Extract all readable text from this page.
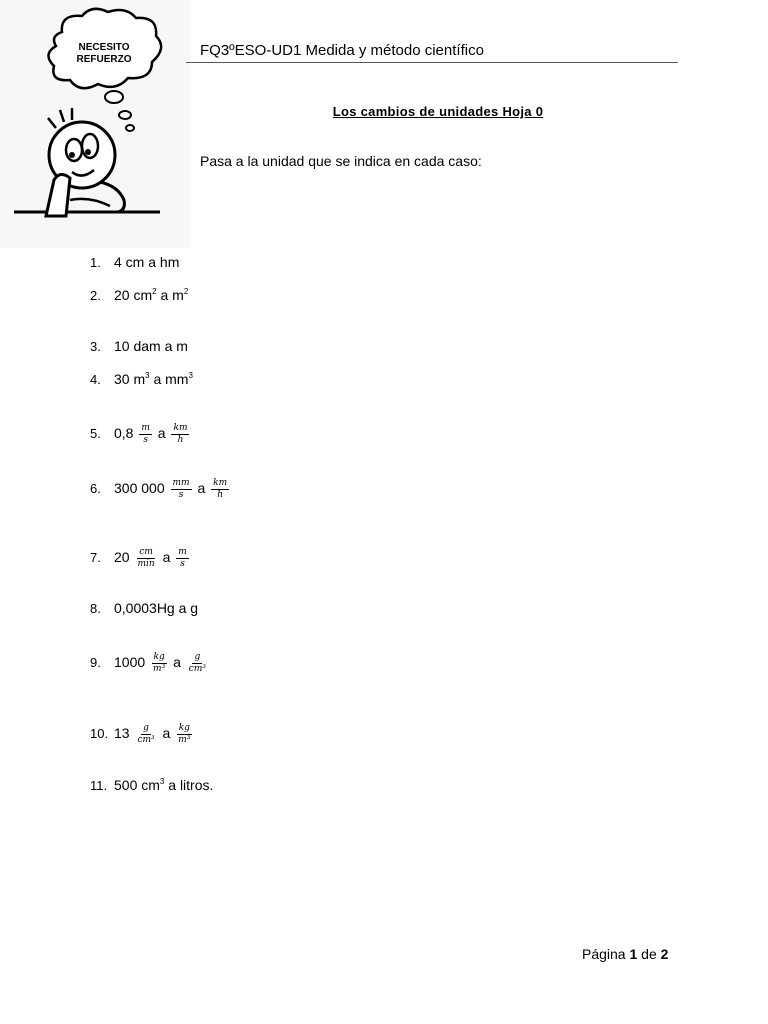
NECESITO
REFUERZO
FQ3ºESO-UD1 Medida y método científico
Los cambios de unidades Hoja 0
Pasa a la unidad que se indica en cada caso:
1. 4 cm a hm
2. 20 $cm^2$ a $m^2$
3. 10 dam a m
4. 30 $m^3$ a $mm^3$
5. $0,8 \frac{m}{s}$ a $\frac{km}{h}$
6. 300 $000 \frac{mm}{s}$ a $\frac{km}{h}$
7. $20 \frac{cm}{\min}$ a $\frac{m}{s}$
8. 0,0003Hg a g
9. $1000 \frac{kg}{\text{m³}}$ a $\frac{g}{\text{cm³}}$
10. $13 \frac{g}{\text{cm³}}$ a $\frac{kg}{\text{m³}}$
11. 500 $cm^3$ a litros.
Página 1 de 2
